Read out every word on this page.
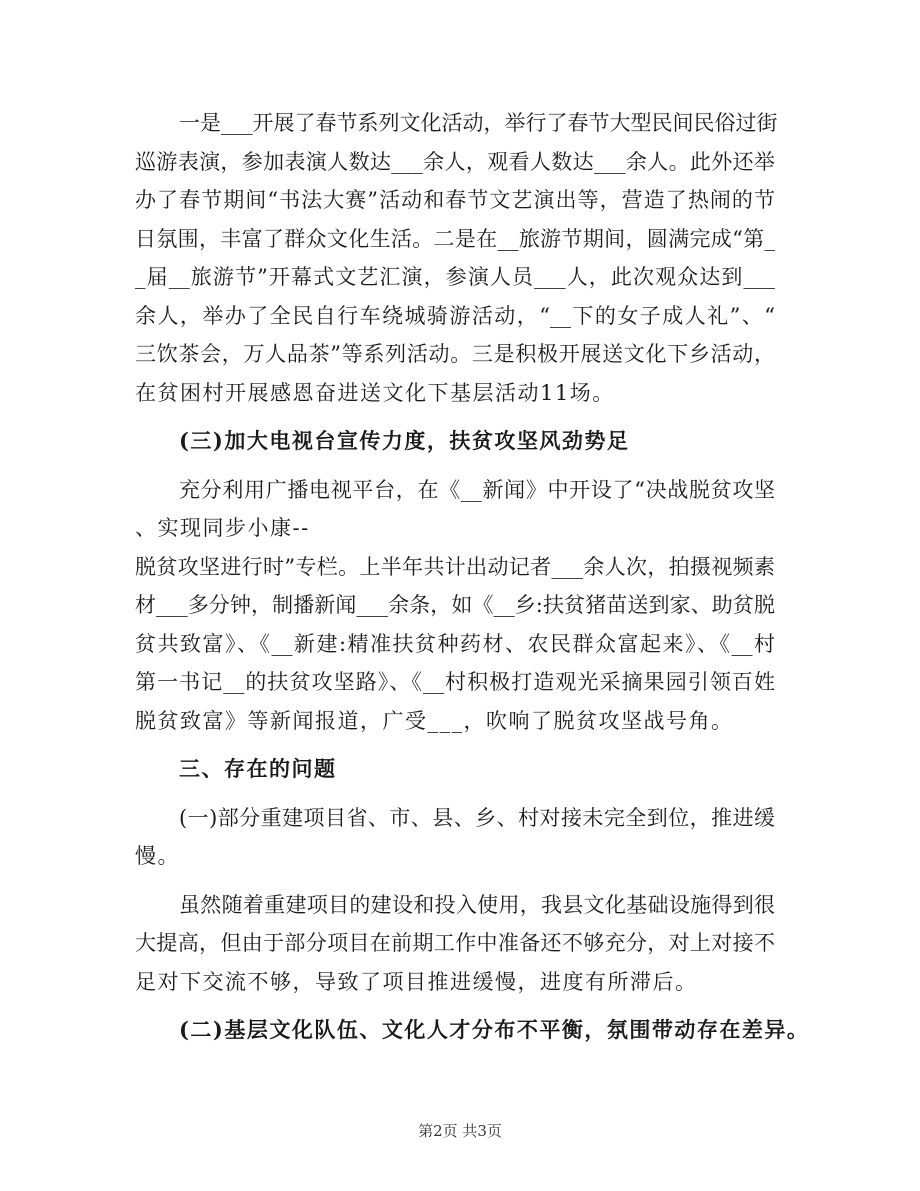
一是___开展了春节系列文化活动，举行了春节大型民间民俗过街
巡游表演，参加表演人数达___余人，观看人数达___余人。此外还举
办了春节期间“书法大赛”活动和春节文艺演出等，营造了热闹的节
日氛围，丰富了群众文化生活。二是在__旅游节期间，圆满完成“第_
_届__旅游节”开幕式文艺汇演，参演人员___人，此次观众达到___
余人，举办了全民自行车绕城骑游活动，“__下的女子成人礼”、“
三饮茶会，万人品茶”等系列活动。三是积极开展送文化下乡活动，
在贫困村开展感恩奋进送文化下基层活动11场。
(三)加大电视台宣传力度，扶贫攻坚风劲势足
充分利用广播电视平台，在《__新闻》中开设了“决战脱贫攻坚
、实现同步小康--
脱贫攻坚进行时”专栏。上半年共计出动记者___余人次，拍摄视频素
材___多分钟，制播新闻___余条，如《__乡:扶贫猪苗送到家、助贫脱
贫共致富》、《__新建:精准扶贫种药材、农民群众富起来》、《__村
第一书记__的扶贫攻坚路》、《__村积极打造观光采摘果园引领百姓
脱贫致富》等新闻报道，广受___，吹响了脱贫攻坚战号角。
三、存在的问题
(一)部分重建项目省、市、县、乡、村对接未完全到位，推进缓
慢。
虽然随着重建项目的建设和投入使用，我县文化基础设施得到很
大提高，但由于部分项目在前期工作中准备还不够充分，对上对接不
足对下交流不够，导致了项目推进缓慢，进度有所滞后。
(二)基层文化队伍、文化人才分布不平衡，氛围带动存在差异。
第2页 共3页
